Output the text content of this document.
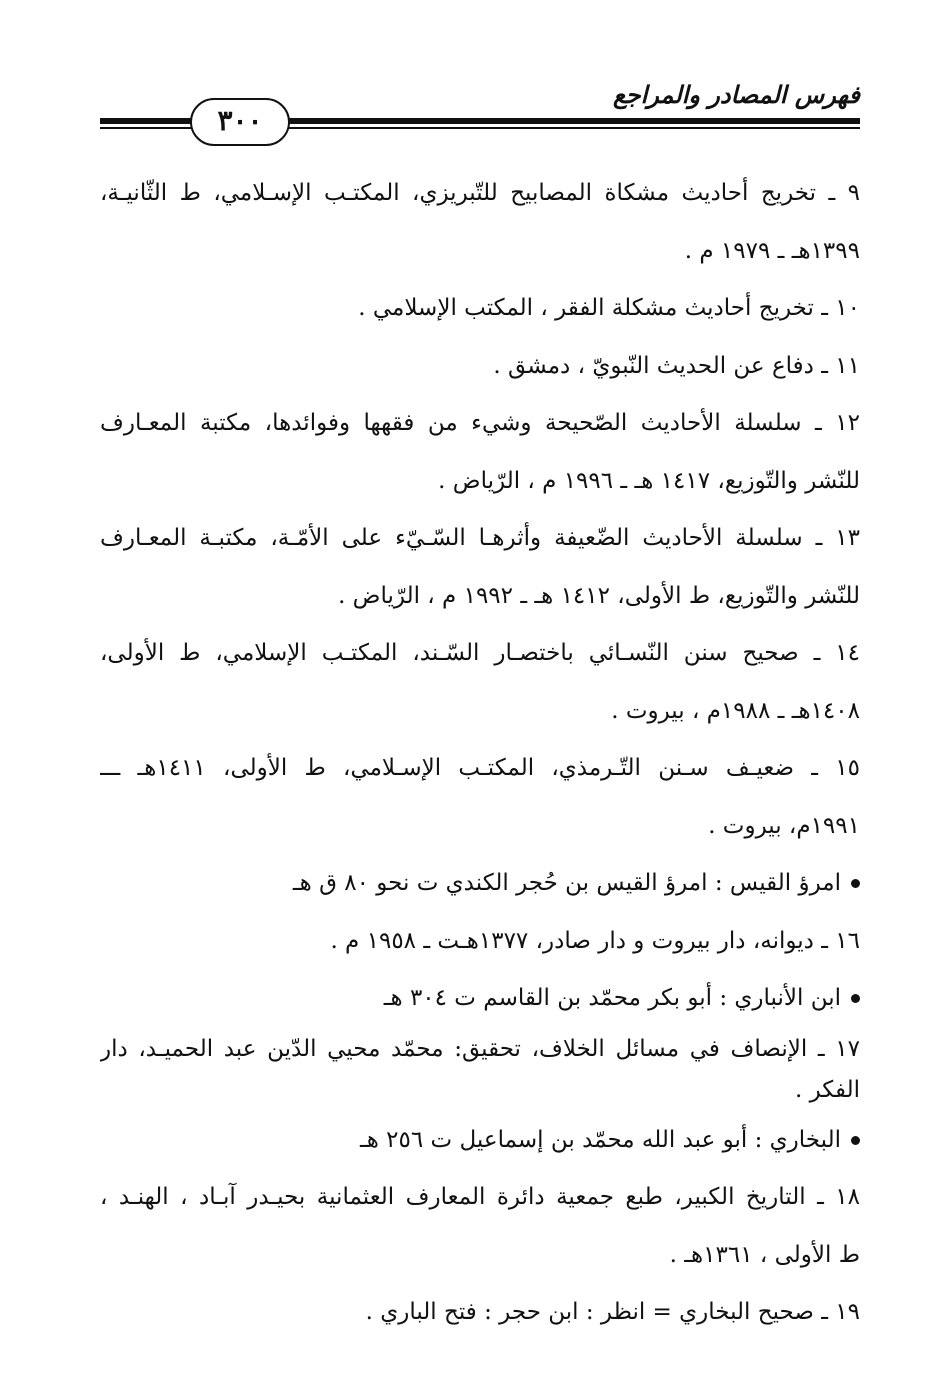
فهرس المصادر والمراجع
٣٠٠
٩ ـ تخريج أحاديث مشكاة المصابيح للتّبريزي، المكتـب الإسـلامي، ط الثّانيـة،
١٣٩٩هـ ـ ١٩٧٩ م .
١٠ ـ تخريج أحاديث مشكلة الفقر ، المكتب الإسلامي .
١١ ـ دفاع عن الحديث النّبويّ ، دمشق .
١٢ ـ سلسلة الأحاديث الصّحيحة وشيء من فقهها وفوائدها، مكتبة المعـارف
للنّشر والتّوزيع، ١٤١٧ هـ ـ ١٩٩٦ م ، الرّياض .
١٣ ـ سلسلة الأحاديث الضّعيفة وأثرهـا السّـيّء على الأمّـة، مكتبـة المعـارف
للنّشر والتّوزيع، ط الأولى، ١٤١٢ هـ ـ ١٩٩٢ م ، الرّياض .
١٤ ـ صحيح سنن النّسـائي باختصـار السّـند، المكتـب الإسلامي، ط الأولى،
١٤٠٨هـ ـ ١٩٨٨م ، بيروت .
١٥ ـ ضعيـف سـنن التّـرمذي، المكتـب الإسـلامي، ط الأولى، ١٤١١هـ ـــ
١٩٩١م، بيروت .
امرؤ القيس : امرؤ القيس بن حُجر الكندي ت نحو ٨٠ ق هـ
١٦ ـ ديوانه، دار بيروت و دار صادر، ١٣٧٧هـت ـ ١٩٥٨ م .
ابن الأنباري : أبو بكر محمّد بن القاسم ت ٣٠٤ هـ
١٧ ـ الإنصاف في مسائل الخلاف، تحقيق: محمّد محيي الدّين عبد الحميـد، دار
الفكر .
البخاري : أبو عبد الله محمّد بن إسماعيل ت ٢٥٦ هـ
١٨ ـ التاريخ الكبير، طبع جمعية دائرة المعارف العثمانية بحيـدر آبـاد ، الهنـد ،
ط الأولى ، ١٣٦١هـ .
١٩ ـ صحيح البخاري = انظر : ابن حجر : فتح الباري .
